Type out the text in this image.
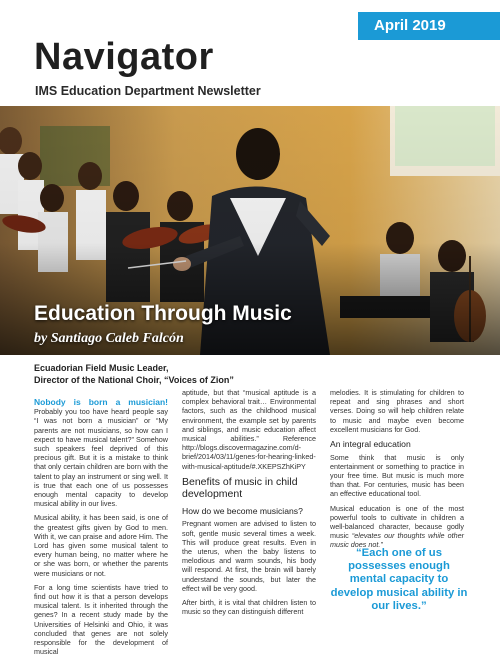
April 2019
Navigator
IMS Education Department Newsletter
Education Through Music
by Santiago Caleb Falcón
Ecuadorian Field Music Leader,
Director of the National Choir, “Voices of Zion”

Nobody is born a musician! Probably you too have heard people say “I was not born a musician” or “My parents are not musicians, so how can I expect to have musical talent?” Somehow such speakers feel deprived of this precious gift. But it is a mistake to think that only certain children are born with the talent to play an instrument or sing well. It is true that each one of us possesses enough mental capacity to develop musical ability in our lives.

Musical ability, it has been said, is one of the greatest gifts given by God to men. With it, we can praise and adore Him. The Lord has given some musical talent to every human being, no matter where he or she was born, or whether the parents were musicians or not.

For a long time scientists have tried to find out how it is that a person develops musical talent. Is it inherited through the genes? In a recent study made by the Universities of Helsinki and Ohio, it was concluded that genes are not solely responsible for the development of musical

aptitude, but that “musical aptitude is a complex behavioral trait… Environmental factors, such as the childhood musical environment, the example set by parents and siblings, and music education affect musical abilities.” Reference http://blogs.discovermagazine.com/d-brief/2014/03/11/genes-for-hearing-linked-with-musical-aptitude/#.XKEPSZhKiPY

Benefits of music in child development
How do we become musicians?

Pregnant women are advised to listen to soft, gentle music several times a week. This will produce great results. Even in the uterus, when the baby listens to melodious and warm sounds, his body will respond. At first, the brain will barely understand the sounds, but later the effect will be very good.

After birth, it is vital that children listen to music so they can distinguish different

melodies. It is stimulating for children to repeat and sing phrases and short verses. Doing so will help children relate to music and maybe even become excellent musicians for God.

An integral education

Some think that music is only entertainment or something to practice in your free time. But music is much more than that. For centuries, music has been an effective educational tool.

Musical education is one of the most powerful tools to cultivate in children a well-balanced character, because godly music “elevates our thoughts while other music does not.”

“Each one of us possesses enough mental capacity to develop musical ability in our lives.”
